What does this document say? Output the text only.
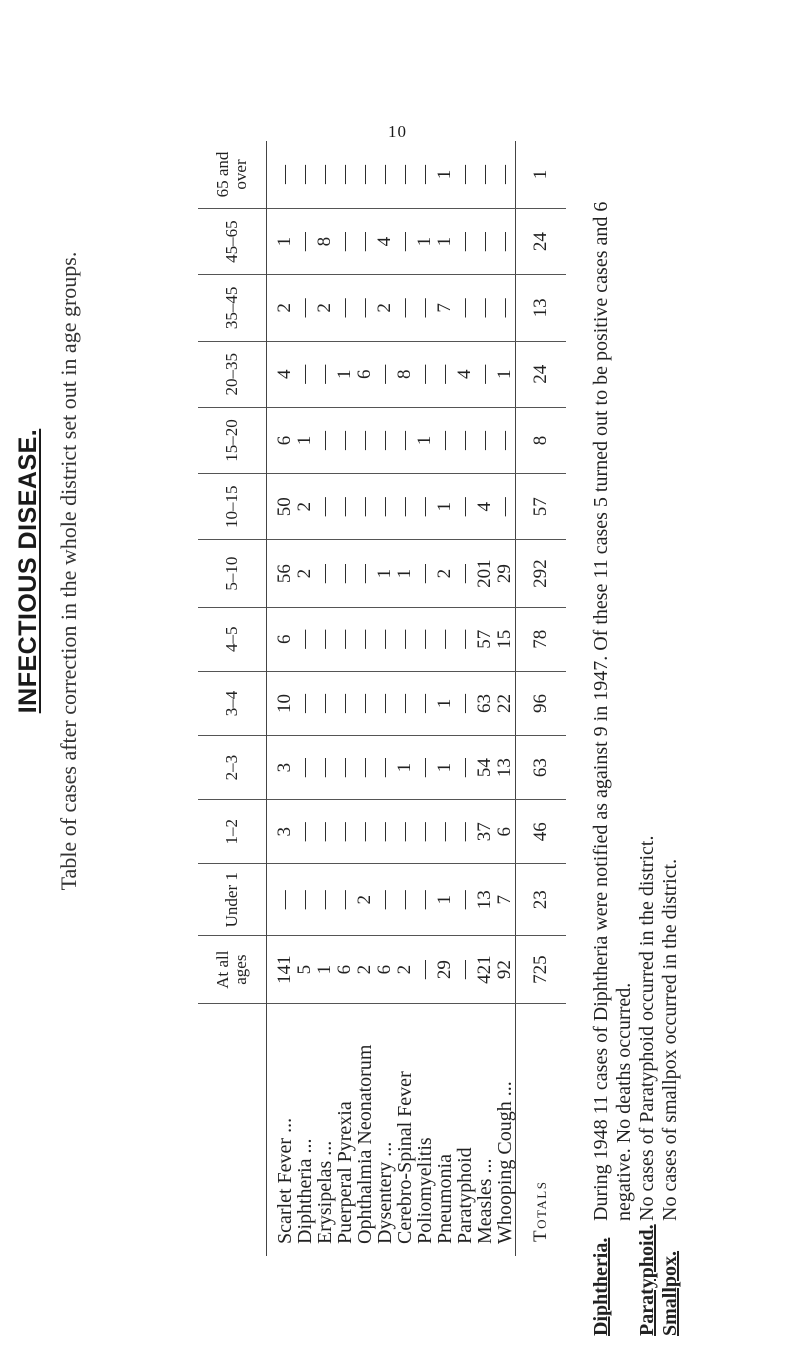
10
INFECTIOUS DISEASE. Table of cases after correction in the whole district set out in age groups.
	At all ages	Under 1	1–2	2–3	3–4	4–5	5–10	10–15	15–20	20–35	35–45	45–65	65 and over
Scarlet Fever ...	141	—	3	3	10	6	56	50	6	4	2	1	—
Diphtheria ...	5	—	—	—	—	—	2	2	1	—	—	—	—
Erysipelas ...	1	—	—	—	—	—	—	—	—	—	2	8	—
Puerperal Pyrexia	6	—	—	—	—	—	—	—	—	1	—	—	—
Ophthalmia Neonatorum	2	2	—	—	—	—	—	—	—	6	—	—	—
Dysentery ...	6	—	—	—	—	—	1	—	—	—	2	4	—
Cerebro-Spinal Fever	2	—	—	1	—	—	1	—	—	8	—	—	—
Poliomyelitis	—	—	—	—	—	—	—	—	1	—	—	1	—
Pneumonia	29	1	—	1	1	—	2	1	—	—	7	1	1
Paratyphoid	—	—	—	—	—	—	—	—	—	4	—	—	—
Measles ...	421	13	37	54	63	57	201	4	—	—	—	—	—
Whooping Cough ...	92	7	6	13	22	15	29	—	—	1	—	—	—
Totals	725	23	46	63	96	78	292	57	8	24	13	24	1
Diphtheria.
During 1948 11 cases of Diphtheria were notified as against 9 in 1947. Of these 11 cases 5 turned out to be positive cases and 6 negative. No deaths occurred.
Paratyphoid.
No cases of Paratyphoid occurred in the district.
Smallpox.
No cases of smallpox occurred in the district.
